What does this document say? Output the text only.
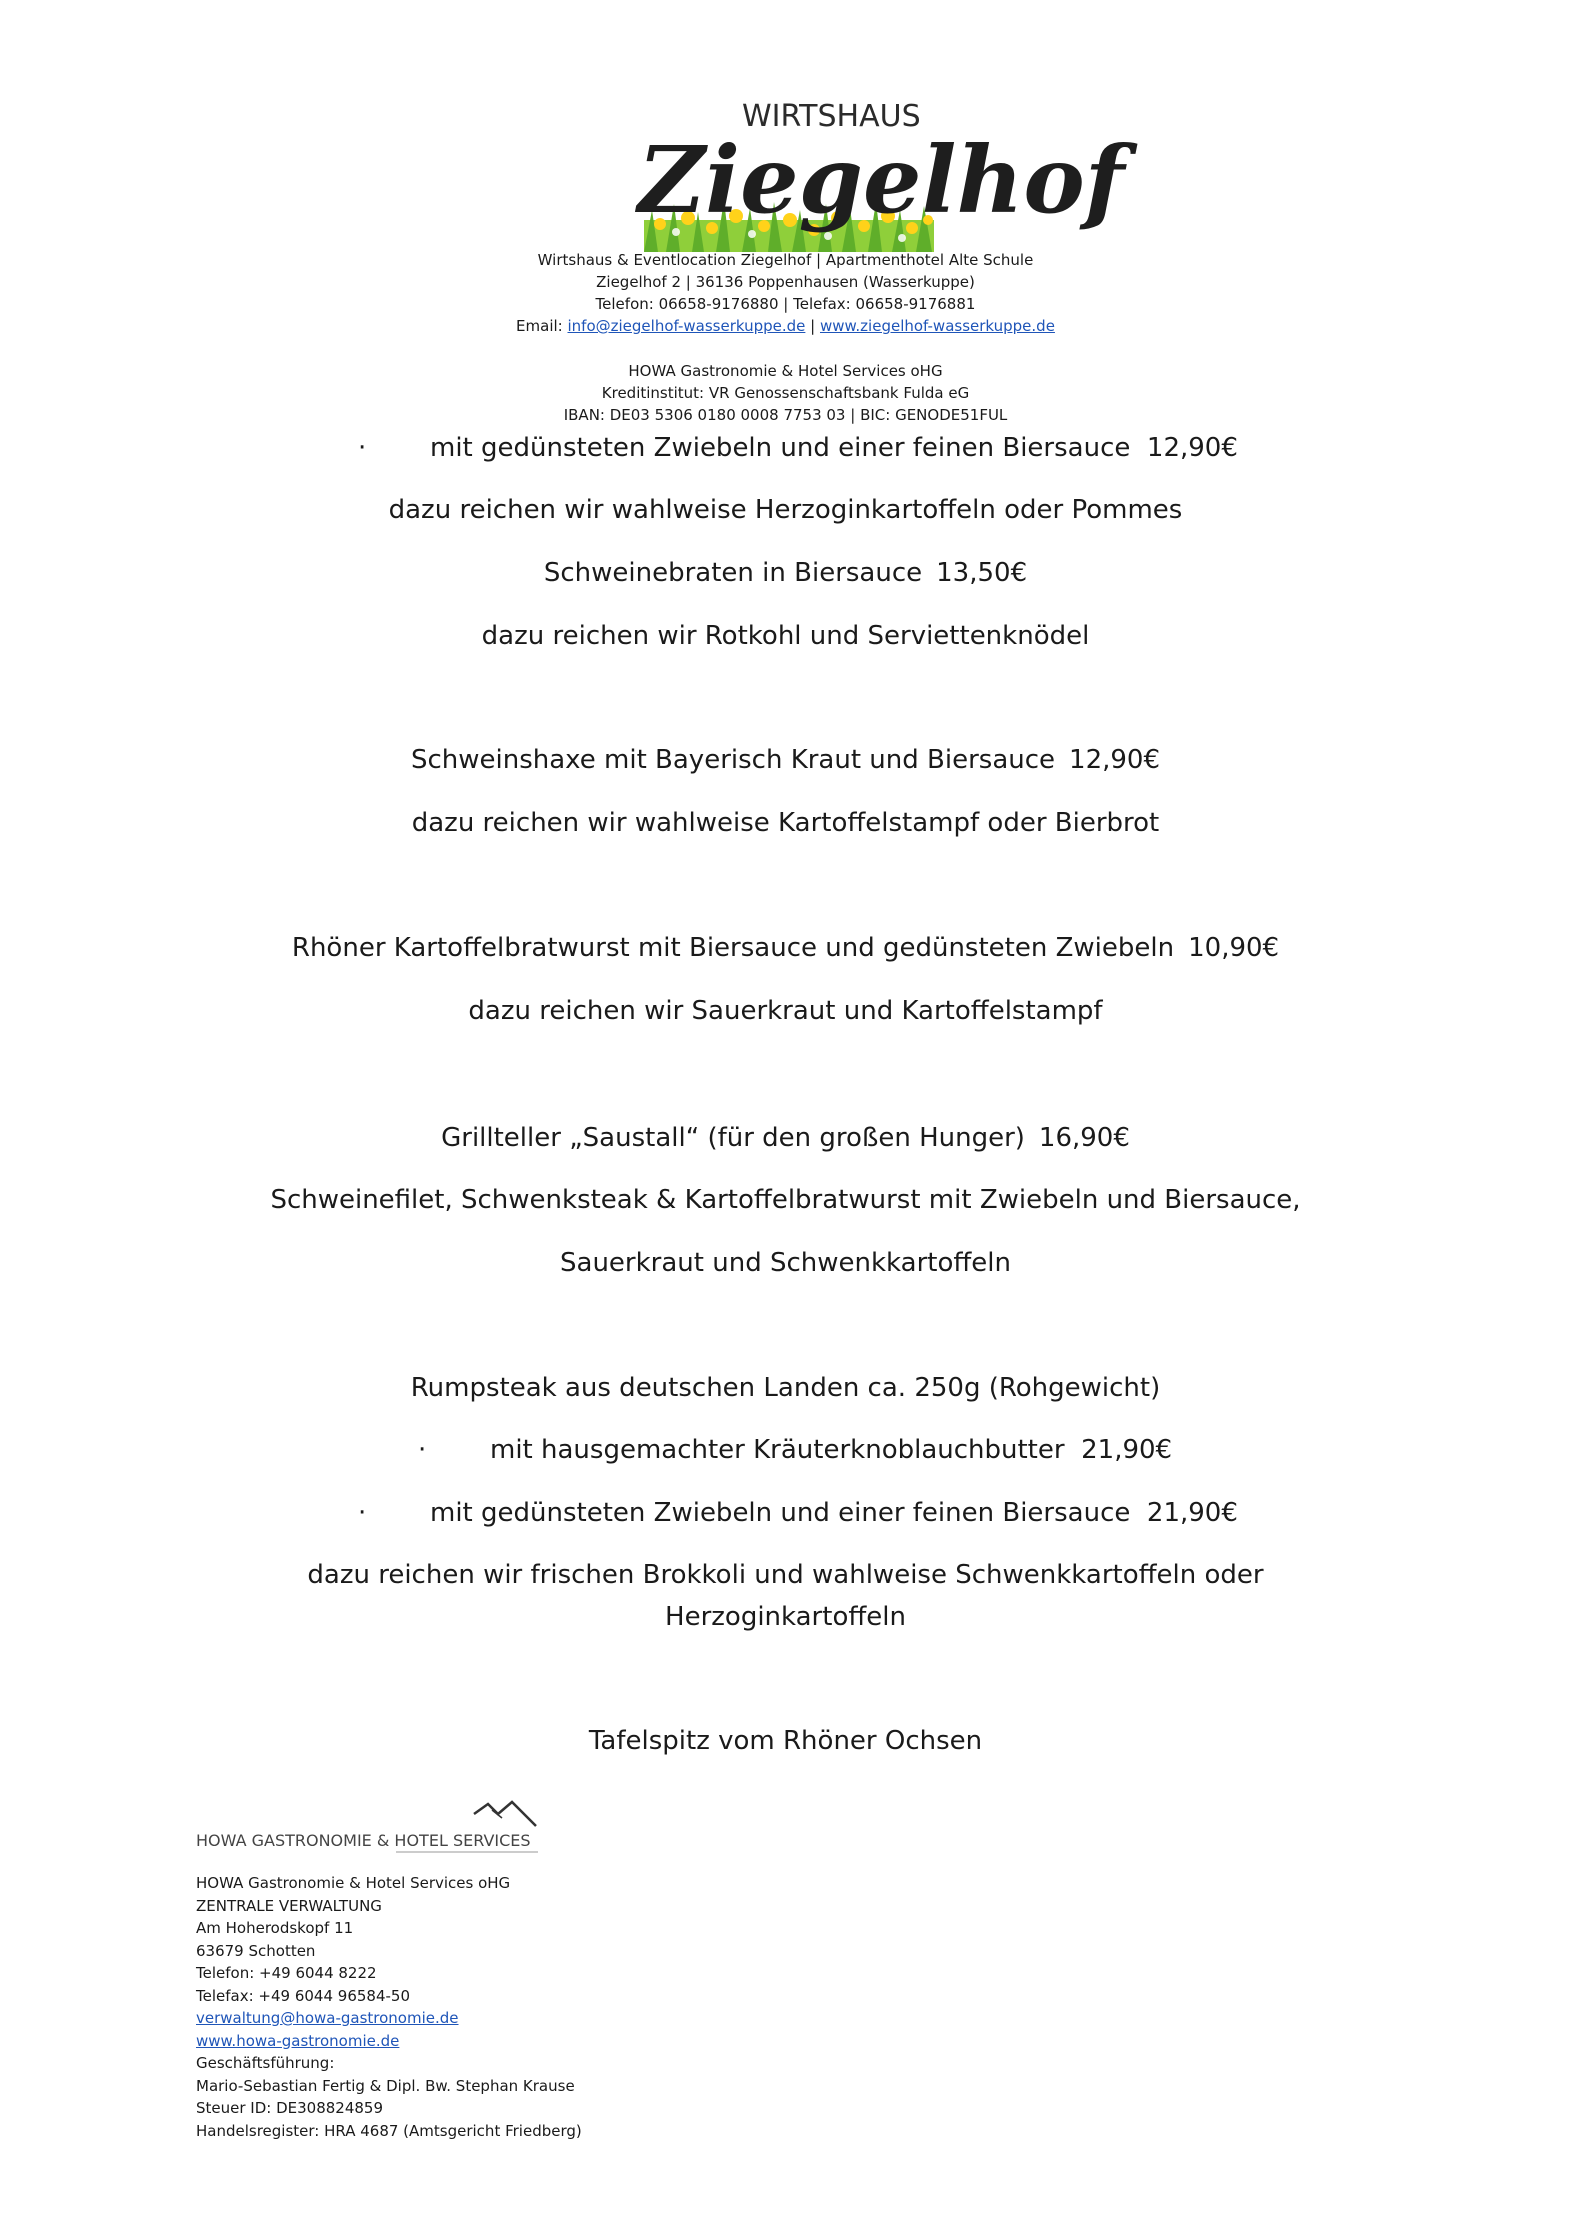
WIRTSHAUS
Ziegelhof
Wirtshaus & Eventlocation Ziegelhof | Apartmenthotel Alte Schule
Ziegelhof 2 | 36136 Poppenhausen (Wasserkuppe)
Telefon: 06658-9176880 | Telefax: 06658-9176881
Email: info@ziegelhof-wasserkuppe.de | www.ziegelhof-wasserkuppe.de
HOWA Gastronomie & Hotel Services oHG
Kreditinstitut: VR Genossenschaftsbank Fulda eG
IBAN: DE03 5306 0180 0008 7753 03 | BIC: GENODE51FUL
· mit gedünsteten Zwiebeln und einer feinen Biersauce 12,90€
dazu reichen wir wahlweise Herzoginkartoffeln oder Pommes
Schweinebraten in Biersauce 13,50€
dazu reichen wir Rotkohl und Serviettenknödel
Schweinshaxe mit Bayerisch Kraut und Biersauce 12,90€
dazu reichen wir wahlweise Kartoffelstampf oder Bierbrot
Rhöner Kartoffelbratwurst mit Biersauce und gedünsteten Zwiebeln 10,90€
dazu reichen wir Sauerkraut und Kartoffelstampf
Grillteller „Saustall“ (für den großen Hunger) 16,90€
Schweinefilet, Schwenksteak & Kartoffelbratwurst mit Zwiebeln und Biersauce,
Sauerkraut und Schwenkkartoffeln
Rumpsteak aus deutschen Landen ca. 250g (Rohgewicht)
· mit hausgemachter Kräuterknoblauchbutter 21,90€
· mit gedünsteten Zwiebeln und einer feinen Biersauce 21,90€
dazu reichen wir frischen Brokkoli und wahlweise Schwenkkartoffeln oder
Herzoginkartoffeln
Tafelspitz vom Rhöner Ochsen
HOWA GASTRONOMIE & HOTEL SERVICES
HOWA Gastronomie & Hotel Services oHG
ZENTRALE VERWALTUNG
Am Hoherodskopf 11
63679 Schotten
Telefon: +49 6044 8222
Telefax: +49 6044 96584-50
verwaltung@howa-gastronomie.de
www.howa-gastronomie.de
Geschäftsführung:
Mario-Sebastian Fertig & Dipl. Bw. Stephan Krause
Steuer ID: DE308824859
Handelsregister: HRA 4687 (Amtsgericht Friedberg)
